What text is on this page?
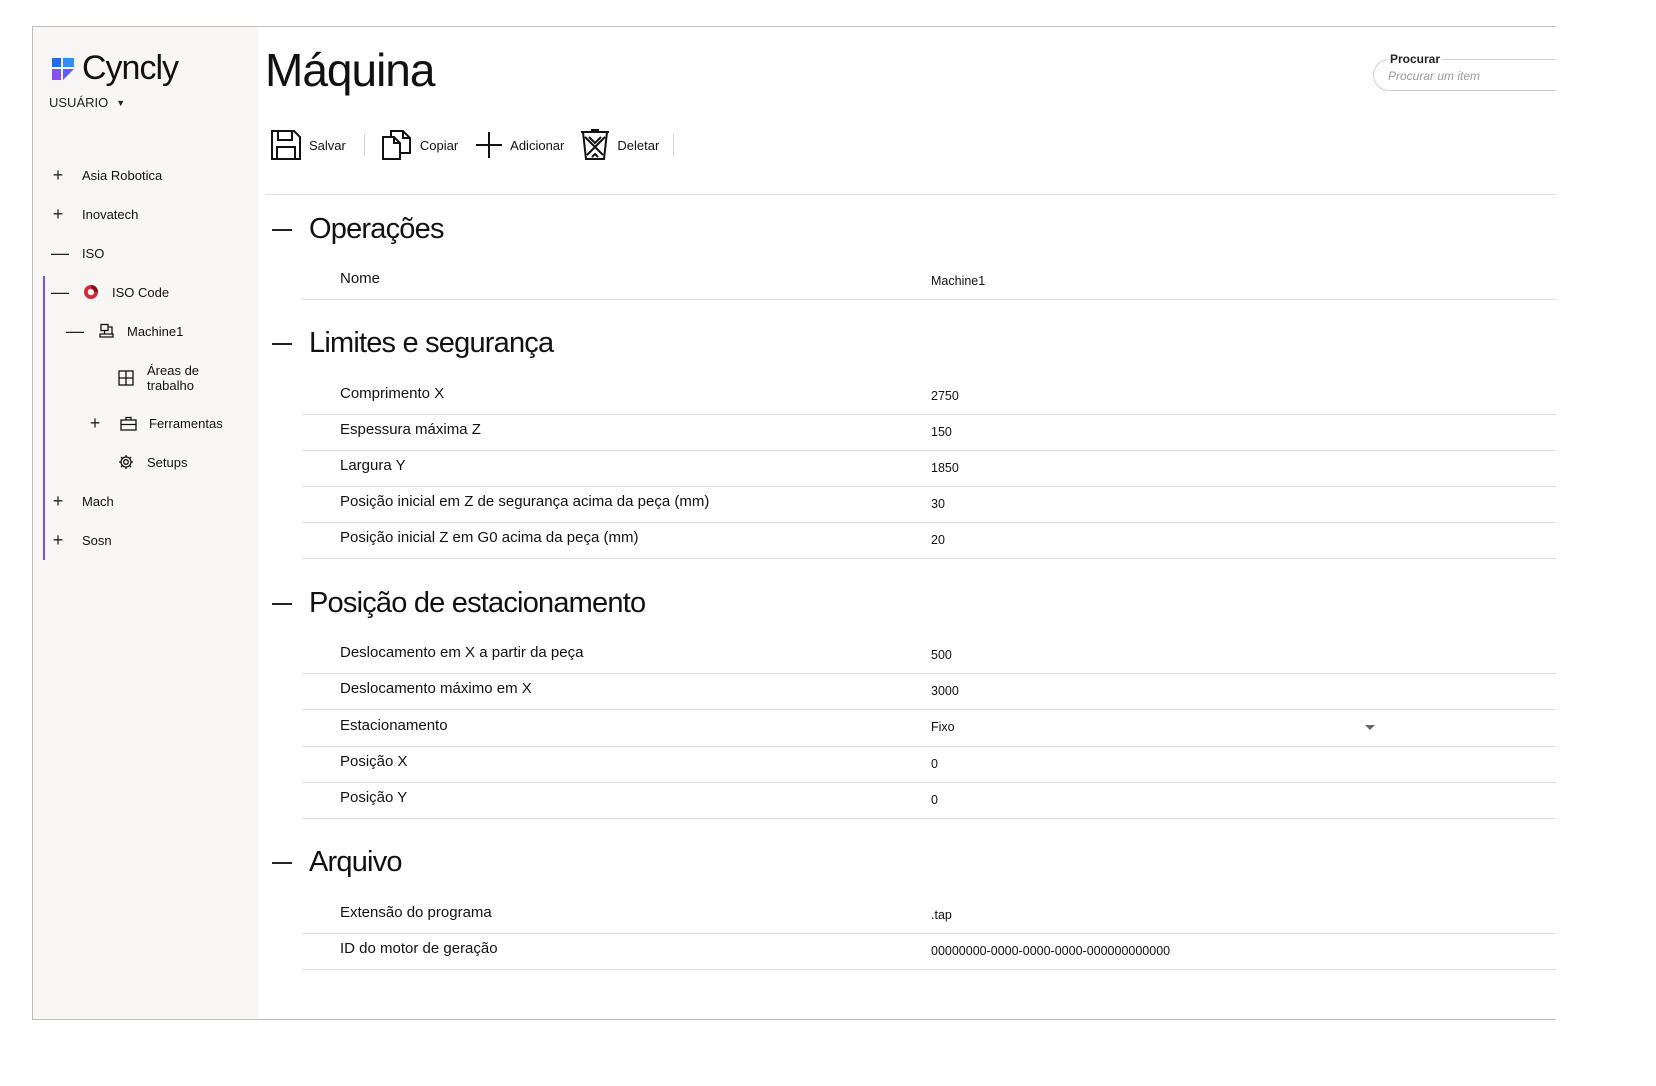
Cyncly
USUÁRIO ▼
+ Asia Robotica
+ Inovatech
— ISO
—	ISO Code
—	Machine1
Áreas de trabalho
+	Ferramentas
Setups
+ Mach
+ Sosn
Máquina	Procurar
Procurar um item
Salvar	Copiar	Adicionar	Deletar
Operações
Nome	Machine1
Limites e segurança
Comprimento X	2750
Espessura máxima Z	150
Largura Y	1850
Posição inicial em Z de segurança acima da peça (mm)	30
Posição inicial Z em G0 acima da peça (mm)	20
Posição de estacionamento
Deslocamento em X a partir da peça	500
Deslocamento máximo em X	3000
Estacionamento	Fixo
Posição X	0
Posição Y	0
Arquivo
Extensão do programa	.tap
ID do motor de geração	00000000-0000-0000-0000-000000000000
